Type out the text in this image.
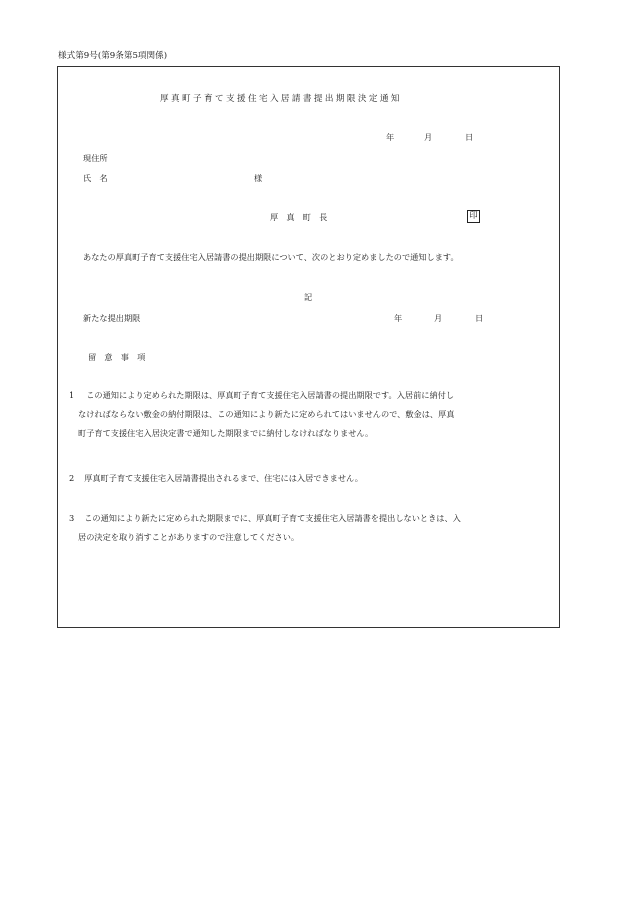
様式第9号(第9条第5項関係)
厚真町子育て支援住宅入居請書提出期限決定通知
年	月	日
現住所
氏　名	様
厚　真　町　長	印
あなたの厚真町子育て支援住宅入居請書の提出期限について、次のとおり定めましたので通知します。
記
新たな提出期限	年	月	日
留　意　事　項
1 この通知により定められた期限は、厚真町子育て支援住宅入居請書の提出期限です。入居前に納付し
なければならない敷金の納付期限は、この通知により新たに定められてはいませんので、敷金は、厚真
町子育て支援住宅入居決定書で通知した期限までに納付しなければなりません。
2 厚真町子育て支援住宅入居請書提出されるまで、住宅には入居できません。
3 この通知により新たに定められた期限までに、厚真町子育て支援住宅入居請書を提出しないときは、入
居の決定を取り消すことがありますので注意してください。
